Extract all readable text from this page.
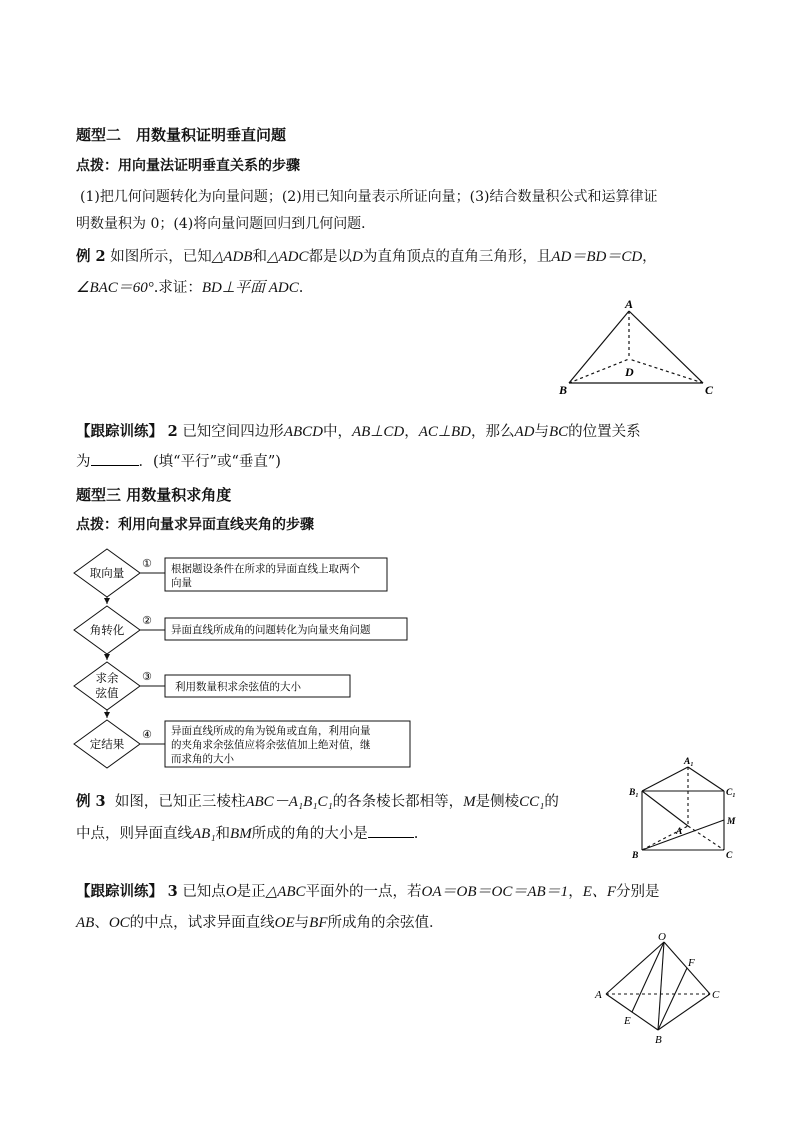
题型二　用数量积证明垂直问题
点拨：用向量法证明垂直关系的步骤
(1)把几何问题转化为向量问题；(2)用已知向量表示所证向量；(3)结合数量积公式和运算律证
明数量积为 0；(4)将向量问题回归到几何问题．
例 2 如图所示，已知△ADB和△ADC都是以D为直角顶点的直角三角形，且AD＝BD＝CD，
∠BAC＝60°.求证：BD⊥平面 ADC.
A
B	C
D
【跟踪训练】 2 已知空间四边形ABCD中，AB⊥CD，AC⊥BD，那么AD与BC的位置关系
为	．(填“平行”或“垂直”)
题型三 用数量积求角度
点拨：利用向量求异面直线夹角的步骤
取向量
角转化
求余
弦值
定结果
①
②
③
④
根据题设条件在所求的异面直线上取两个
向量
异面直线所成角的问题转化为向量夹角问题
利用数量积求余弦值的大小
异面直线所成的角为锐角或直角，利用向量
的夹角求余弦值应将余弦值加上绝对值，继
而求角的大小
例 3 如图，已知正三棱柱ABC－A₁B₁C₁的各条棱长都相等，M是侧棱CC₁的
中点，则异面直线AB₁和BM所成的角的大小是	.
A₁
B₁	C₁
A
B	C
M
【跟踪训练】 3 已知点O是正△ABC平面外的一点，若OA＝OB＝OC＝AB＝1，E、F分别是
AB、OC的中点，试求异面直线OE与BF所成角的余弦值．
O
A	C
B
E
F
